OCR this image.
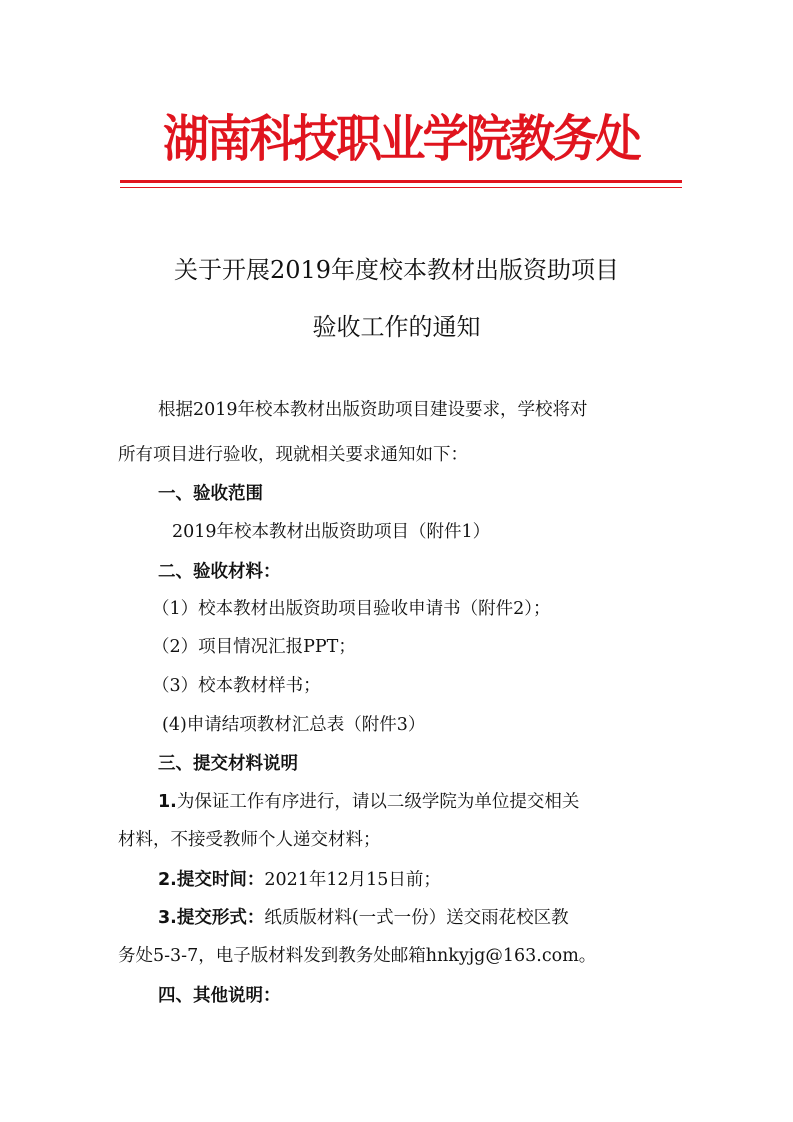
湖南科技职业学院教务处
关于开展2019年度校本教材出版资助项目
验收工作的通知
根据2019年校本教材出版资助项目建设要求，学校将对
所有项目进行验收，现就相关要求通知如下：
一、验收范围
2019年校本教材出版资助项目（附件1）
二、验收材料：
（1）校本教材出版资助项目验收申请书（附件2）；
（2）项目情况汇报PPT；
（3）校本教材样书；
(4)申请结项教材汇总表（附件3）
三、提交材料说明
1.为保证工作有序进行，请以二级学院为单位提交相关
材料，不接受教师个人递交材料；
2.提交时间：2021年12月15日前；
3.提交形式：纸质版材料(一式一份）送交雨花校区教
务处5-3-7，电子版材料发到教务处邮箱hnkyjg@163.com。
四、其他说明：
